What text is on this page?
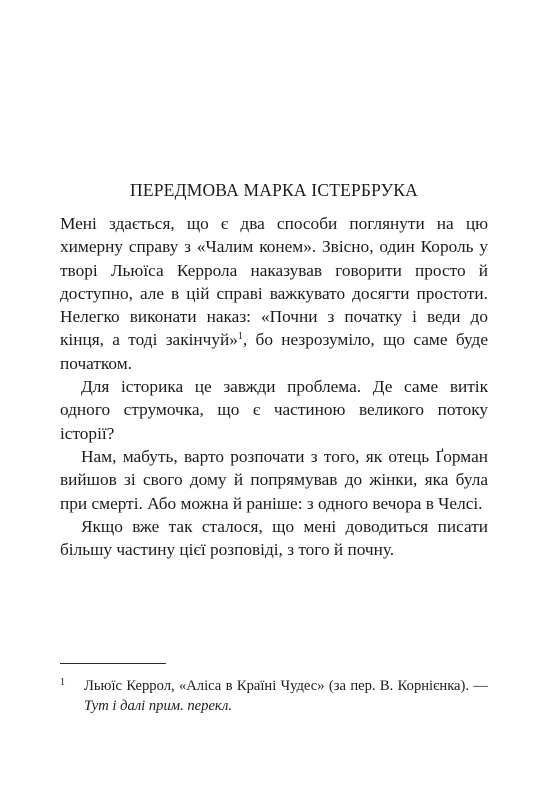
ПЕРЕДМОВА МАРКА ІСТЕРБРУКА

Мені здається, що є два способи поглянути на цю химерну справу з «Чалим конем». Звісно, один Король у творі Льюїса Керрола наказував говорити просто й доступно, але в цій справі важкувато досягти простоти. Нелегко виконати наказ: «Почни з початку і веди до кінця, а тоді закінчуй»$^1$, бо незрозуміло, що саме буде початком.

Для історика це завжди проблема. Де саме витік одного струмочка, що є частиною великого потоку історії?

Нам, мабуть, варто розпочати з того, як отець Ґорман вийшов зі свого дому й попрямував до жінки, яка була при смерті. Або можна й раніше: з одного вечора в Челсі.

Якщо вже так сталося, що мені доводиться писати більшу частину цієї розповіді, з того й почну.

1 Льюїс Керрол, «Аліса в Країні Чудес» (за пер. В. Корнієнка). — Тут і далі прим. перекл.
